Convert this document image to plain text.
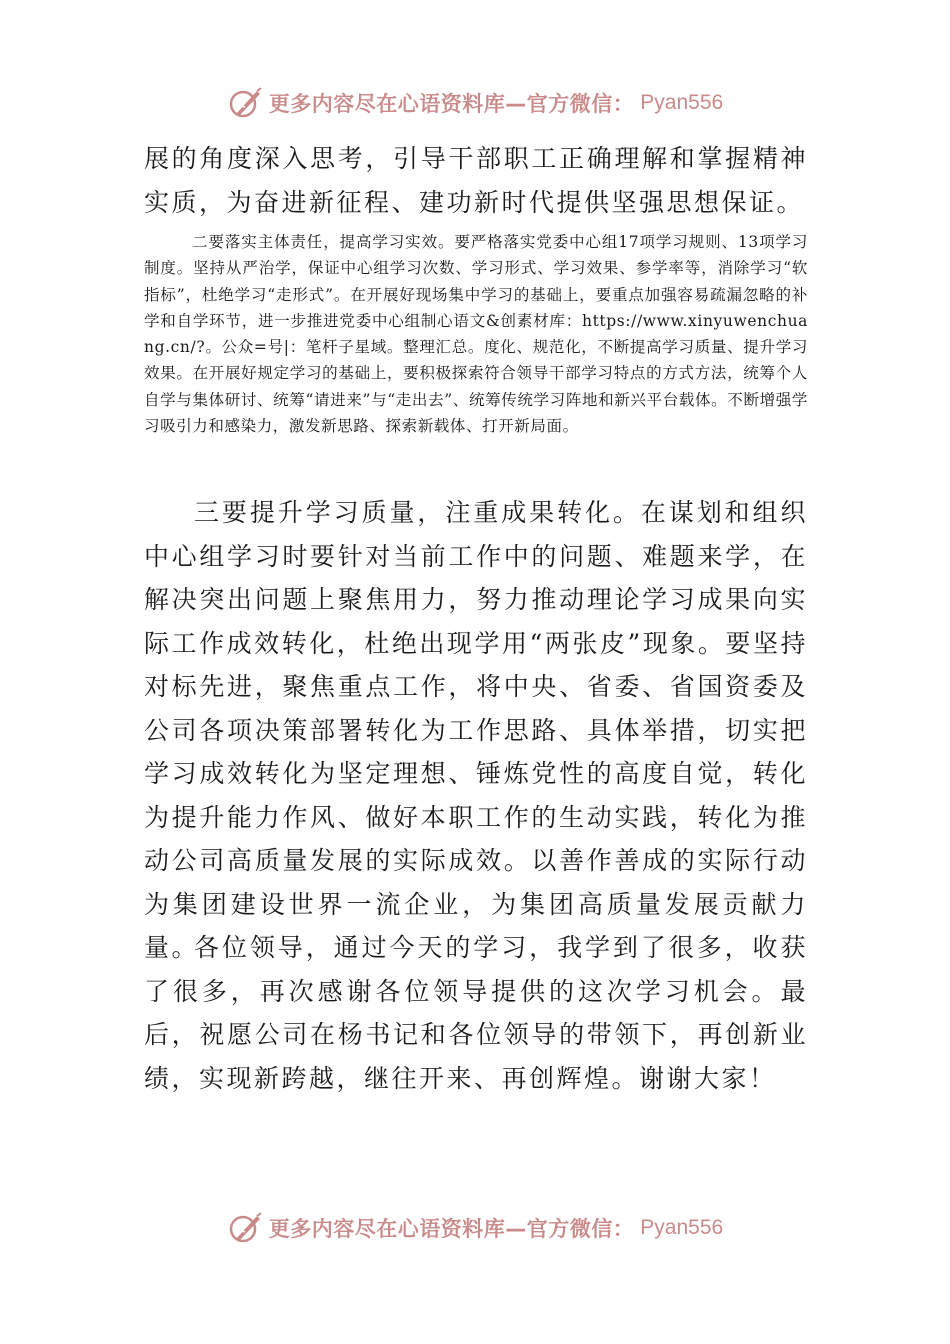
更多内容尽在心语资料库—官方微信： Pyan556

展的角度深入思考，引导干部职工正确理解和掌握精神实质，为奋进新征程、建功新时代提供坚强思想保证。

二要落实主体责任，提高学习实效。要严格落实党委中心组17项学习规则、13项学习制度。坚持从严治学，保证中心组学习次数、学习形式、学习效果、参学率等，消除学习“软指标”，杜绝学习“走形式”。在开展好现场集中学习的基础上，要重点加强容易疏漏忽略的补学和自学环节，进一步推进党委中心组制心语文&创素材库：https://www.xinyuwenchuang.cn/?。公众=号|：笔杆子星域。整理汇总。度化、规范化，不断提高学习质量、提升学习效果。在开展好规定学习的基础上，要积极探索符合领导干部学习特点的方式方法，统筹个人自学与集体研讨、统筹“请进来”与“走出去”、统筹传统学习阵地和新兴平台载体。不断增强学习吸引力和感染力，激发新思路、探索新载体、打开新局面。

三要提升学习质量，注重成果转化。在谋划和组织中心组学习时要针对当前工作中的问题、难题来学，在解决突出问题上聚焦用力，努力推动理论学习成果向实际工作成效转化，杜绝出现学用“两张皮”现象。要坚持对标先进，聚焦重点工作，将中央、省委、省国资委及公司各项决策部署转化为工作思路、具体举措，切实把学习成效转化为坚定理想、锤炼党性的高度自觉，转化为提升能力作风、做好本职工作的生动实践，转化为推动公司高质量发展的实际成效。以善作善成的实际行动为集团建设世界一流企业，为集团高质量发展贡献力量。

各位领导，通过今天的学习，我学到了很多，收获了很多，再次感谢各位领导提供的这次学习机会。最后，祝愿公司在杨书记和各位领导的带领下，再创新业绩，实现新跨越，继往开来、再创辉煌。谢谢大家！

更多内容尽在心语资料库—官方微信： Pyan556
